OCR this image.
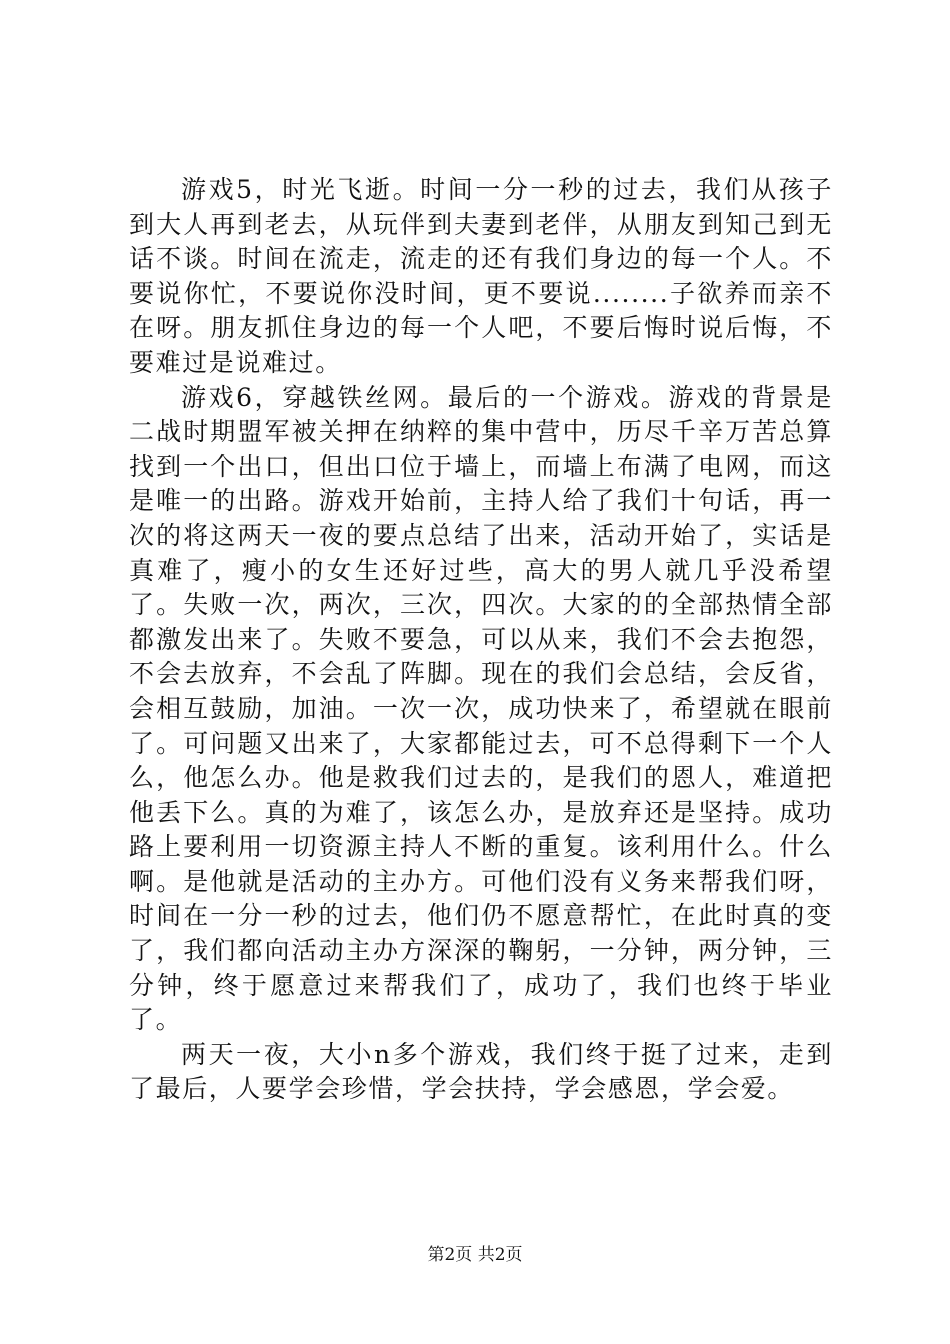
游戏5，时光飞逝。时间一分一秒的过去，我们从孩子到大人再到老去，从玩伴到夫妻到老伴，从朋友到知己到无话不谈。时间在流走，流走的还有我们身边的每一个人。不要说你忙，不要说你没时间，更不要说........子欲养而亲不在呀。朋友抓住身边的每一个人吧，不要后悔时说后悔，不要难过是说难过。

游戏6，穿越铁丝网。最后的一个游戏。游戏的背景是二战时期盟军被关押在纳粹的集中营中，历尽千辛万苦总算找到一个出口，但出口位于墙上，而墙上布满了电网，而这是唯一的出路。游戏开始前，主持人给了我们十句话，再一次的将这两天一夜的要点总结了出来，活动开始了，实话是真难了，瘦小的女生还好过些，高大的男人就几乎没希望了。失败一次，两次，三次，四次。大家的的全部热情全部都激发出来了。失败不要急，可以从来，我们不会去抱怨，不会去放弃，不会乱了阵脚。现在的我们会总结，会反省，会相互鼓励，加油。一次一次，成功快来了，希望就在眼前了。可问题又出来了，大家都能过去，可不总得剩下一个人么，他怎么办。他是救我们过去的，是我们的恩人，难道把他丢下么。真的为难了，该怎么办，是放弃还是坚持。成功路上要利用一切资源主持人不断的重复。该利用什么。什么啊。是他就是活动的主办方。可他们没有义务来帮我们呀，时间在一分一秒的过去，他们仍不愿意帮忙，在此时真的变了，我们都向活动主办方深深的鞠躬，一分钟，两分钟，三分钟，终于愿意过来帮我们了，成功了，我们也终于毕业了。

两天一夜，大小n多个游戏，我们终于挺了过来，走到了最后，人要学会珍惜，学会扶持，学会感恩，学会爱。

第2页 共2页
